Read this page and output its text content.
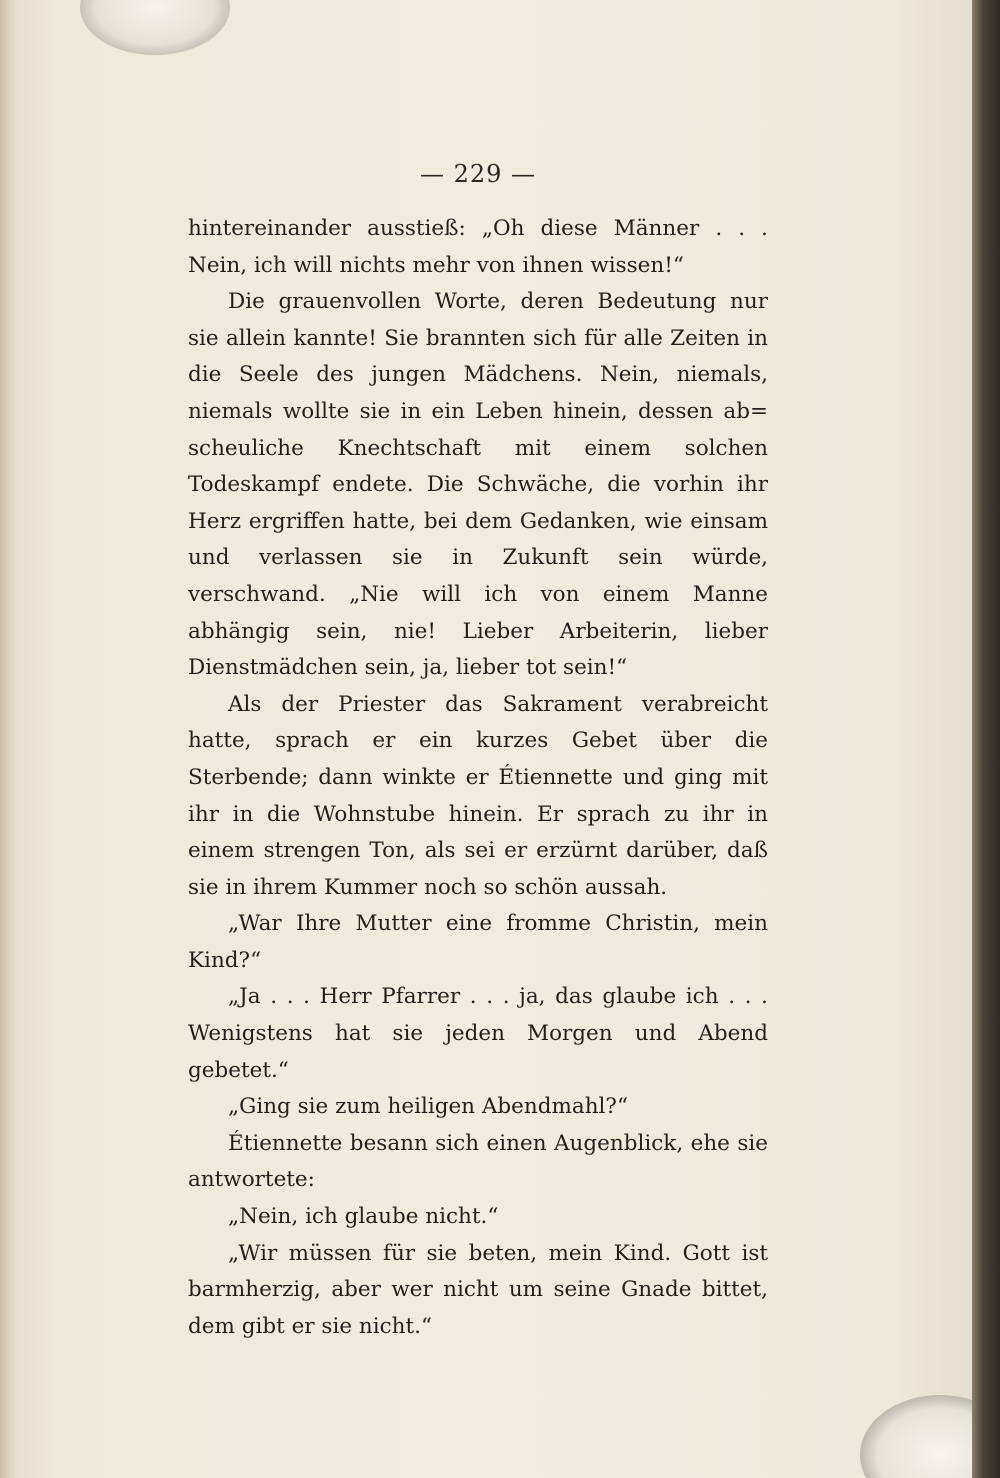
— 229 —

hintereinander ausstieß: „Oh diese Männer . . . Nein, ich will nichts mehr von ihnen wissen!“

Die grauenvollen Worte, deren Bedeutung nur sie allein kannte! Sie brannten sich für alle Zeiten in die Seele des jungen Mädchens. Nein, niemals, niemals wollte sie in ein Leben hinein, dessen ab= scheuliche Knechtschaft mit einem solchen Todeskampf endete. Die Schwäche, die vorhin ihr Herz ergriffen hatte, bei dem Gedanken, wie einsam und verlassen sie in Zukunft sein würde, verschwand. „Nie will ich von einem Manne abhängig sein, nie! Lieber Arbeiterin, lieber Dienstmädchen sein, ja, lieber tot sein!“

Als der Priester das Sakrament verabreicht hatte, sprach er ein kurzes Gebet über die Sterbende; dann winkte er Étiennette und ging mit ihr in die Wohnstube hinein. Er sprach zu ihr in einem strengen Ton, als sei er erzürnt darüber, daß sie in ihrem Kummer noch so schön aussah.

„War Ihre Mutter eine fromme Christin, mein Kind?“

„Ja . . . Herr Pfarrer . . . ja, das glaube ich . . . Wenigstens hat sie jeden Morgen und Abend gebetet.“

„Ging sie zum heiligen Abendmahl?“

Étiennette besann sich einen Augenblick, ehe sie antwortete:

„Nein, ich glaube nicht.“

„Wir müssen für sie beten, mein Kind. Gott ist barmherzig, aber wer nicht um seine Gnade bittet, dem gibt er sie nicht.“
